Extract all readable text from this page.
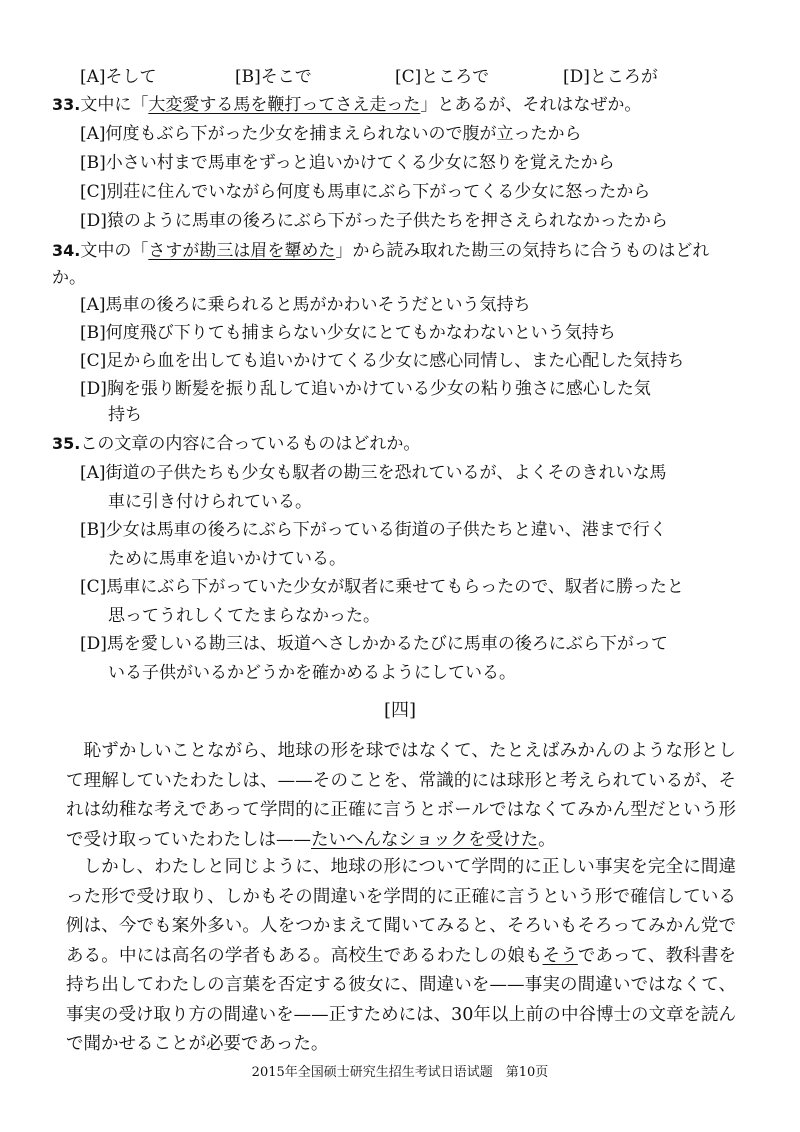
[A]そして	[B]そこで	[C]ところで	[D]ところが
33.文中に「大変愛する馬を鞭打ってさえ走った」とあるが、それはなぜか。
[A]何度もぶら下がった少女を捕まえられないので腹が立ったから
[B]小さい村まで馬車をずっと追いかけてくる少女に怒りを覚えたから
[C]別荘に住んでいながら何度も馬車にぶら下がってくる少女に怒ったから
[D]猿のように馬車の後ろにぶら下がった子供たちを押さえられなかったから
34.文中の「さすが勘三は眉を顰めた」から読み取れた勘三の気持ちに合うものはどれか。
[A]馬車の後ろに乗られると馬がかわいそうだという気持ち
[B]何度飛び下りても捕まらない少女にとてもかなわないという気持ち
[C]足から血を出しても追いかけてくる少女に感心同情し、また心配した気持ち
[D]胸を張り断髪を振り乱して追いかけている少女の粘り強さに感心した気
持ち
35.この文章の内容に合っているものはどれか。
[A]街道の子供たちも少女も馭者の勘三を恐れているが、よくそのきれいな馬
車に引き付けられている。
[B]少女は馬車の後ろにぶら下がっている街道の子供たちと違い、港まで行く
ために馬車を追いかけている。
[C]馬車にぶら下がっていた少女が馭者に乗せてもらったので、馭者に勝ったと
思ってうれしくてたまらなかった。
[D]馬を愛しいる勘三は、坂道へさしかかるたびに馬車の後ろにぶら下がって
いる子供がいるかどうかを確かめるようにしている。
[四]
恥ずかしいことながら、地球の形を球ではなくて、たとえばみかんのような形として理解していたわたしは、——そのことを、常識的には球形と考えられているが、それは幼稚な考えであって学問的に正確に言うとボールではなくてみかん型だという形で受け取っていたわたしは——たいへんなショックを受けた。
しかし、わたしと同じように、地球の形について学問的に正しい事実を完全に間違った形で受け取り、しかもその間違いを学問的に正確に言うという形で確信している例は、今でも案外多い。人をつかまえて聞いてみると、そろいもそろってみかん党である。中には高名の学者もある。高校生であるわたしの娘もそうであって、教科書を持ち出してわたしの言葉を否定する彼女に、間違いを——事実の間違いではなくて、事実の受け取り方の間違いを——正すためには、30年以上前の中谷博士の文章を読んで聞かせることが必要であった。
2015年全国硕士研究生招生考试日语试题　第10页
